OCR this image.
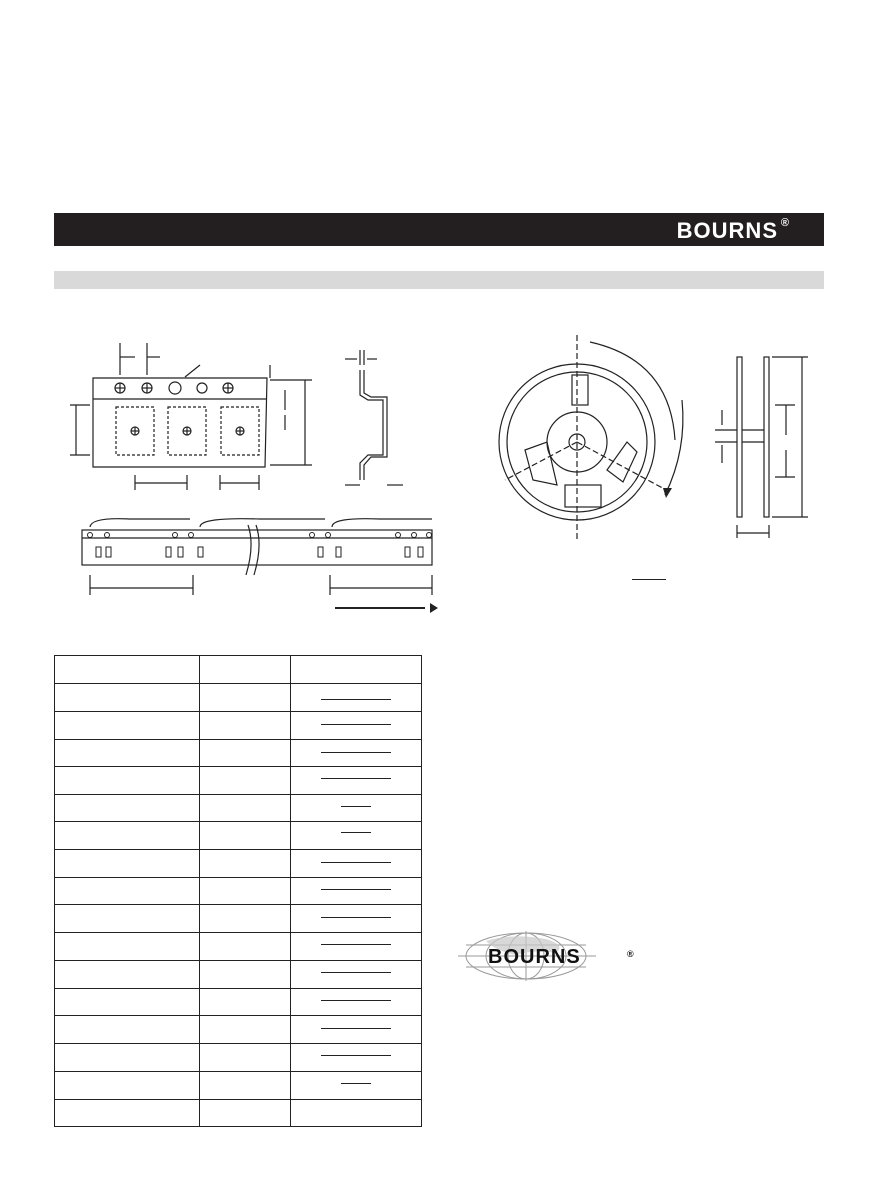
BOURNS ®
BOURNS	®
